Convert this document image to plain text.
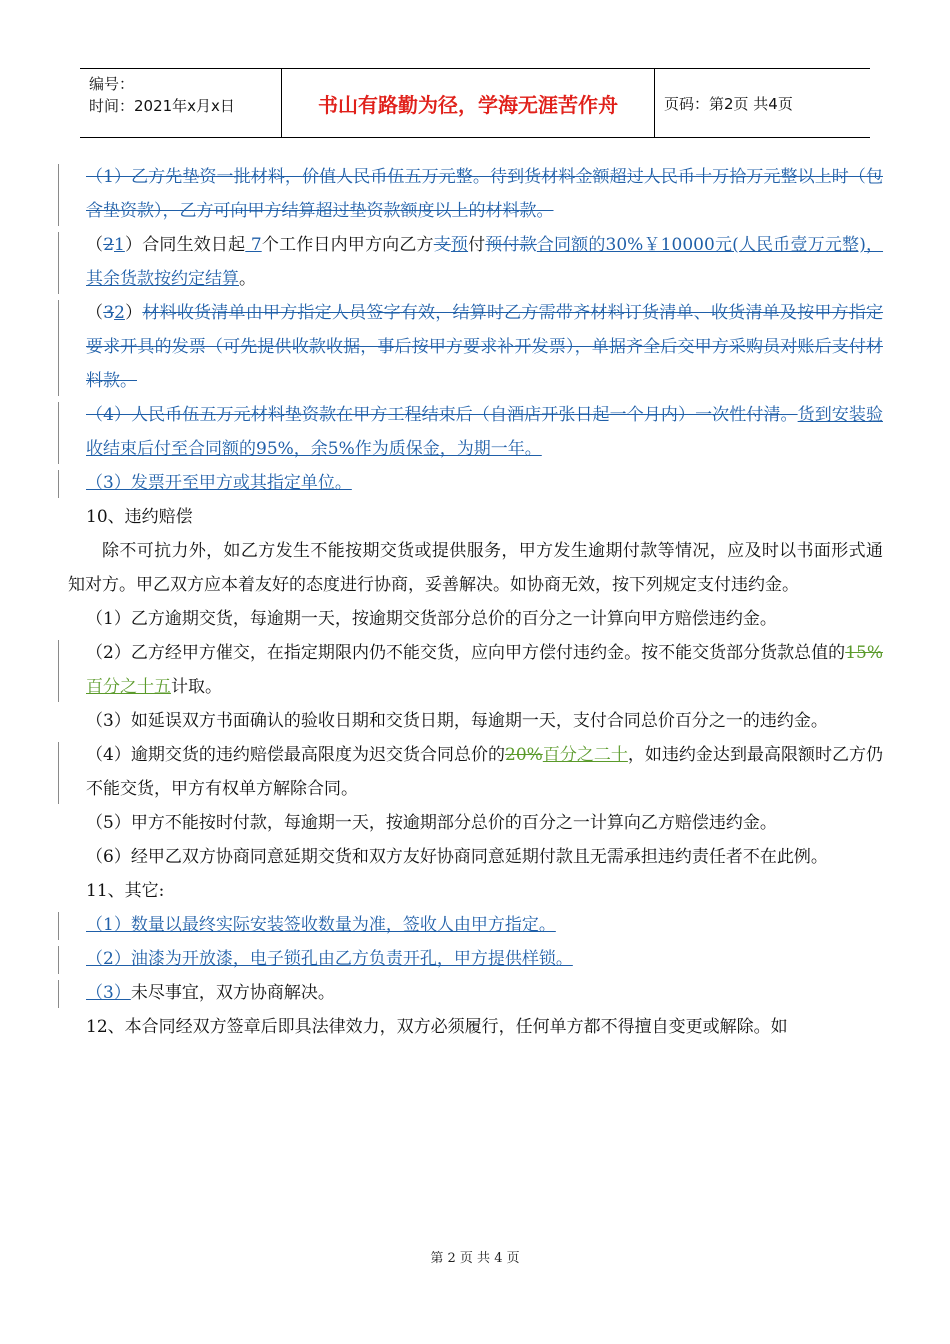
编号：
时间：2021年x月x日	书山有路勤为径，学海无涯苦作舟	页码：第2页 共4页

（1）乙方先垫资一批材料，价值人民币伍五万元整。待到货材料金额超过人民币十万拾万元整以上时（包含垫资款），乙方可向甲方结算超过垫资款额度以上的材料款。

（21）合同生效日起 7个工作日内甲方向乙方支预付预付款合同额的30%￥10000元(人民币壹万元整)，其余货款按约定结算。

（32）材料收货清单由甲方指定人员签字有效，结算时乙方需带齐材料订货清单、收货清单及按甲方指定要求开具的发票（可先提供收款收据，事后按甲方要求补开发票），单据齐全后交甲方采购员对账后支付材料款。

（4）人民币伍五万元材料垫资款在甲方工程结束后（自酒店开张日起一个月内）一次性付清。货到安装验收结束后付至合同额的95%，余5%作为质保金，为期一年。

（3）发票开至甲方或其指定单位。

10、违约赔偿

除不可抗力外，如乙方发生不能按期交货或提供服务，甲方发生逾期付款等情况，应及时以书面形式通知对方。甲乙双方应本着友好的态度进行协商，妥善解决。如协商无效，按下列规定支付违约金。

（1）乙方逾期交货，每逾期一天，按逾期交货部分总价的百分之一计算向甲方赔偿违约金。

（2）乙方经甲方催交，在指定期限内仍不能交货，应向甲方偿付违约金。按不能交货部分货款总值的15%百分之十五计取。

（3）如延误双方书面确认的验收日期和交货日期，每逾期一天，支付合同总价百分之一的违约金。

（4）逾期交货的违约赔偿最高限度为迟交货合同总价的20%百分之二十，如违约金达到最高限额时乙方仍不能交货，甲方有权单方解除合同。

（5）甲方不能按时付款，每逾期一天，按逾期部分总价的百分之一计算向乙方赔偿违约金。

（6）经甲乙双方协商同意延期交货和双方友好协商同意延期付款且无需承担违约责任者不在此例。

11、其它:

（1）数量以最终实际安装签收数量为准，签收人由甲方指定。

（2）油漆为开放漆，电子锁孔由乙方负责开孔，甲方提供样锁。

（3）未尽事宜，双方协商解决。

12、本合同经双方签章后即具法律效力，双方必须履行，任何单方都不得擅自变更或解除。如

第 2 页 共 4 页
